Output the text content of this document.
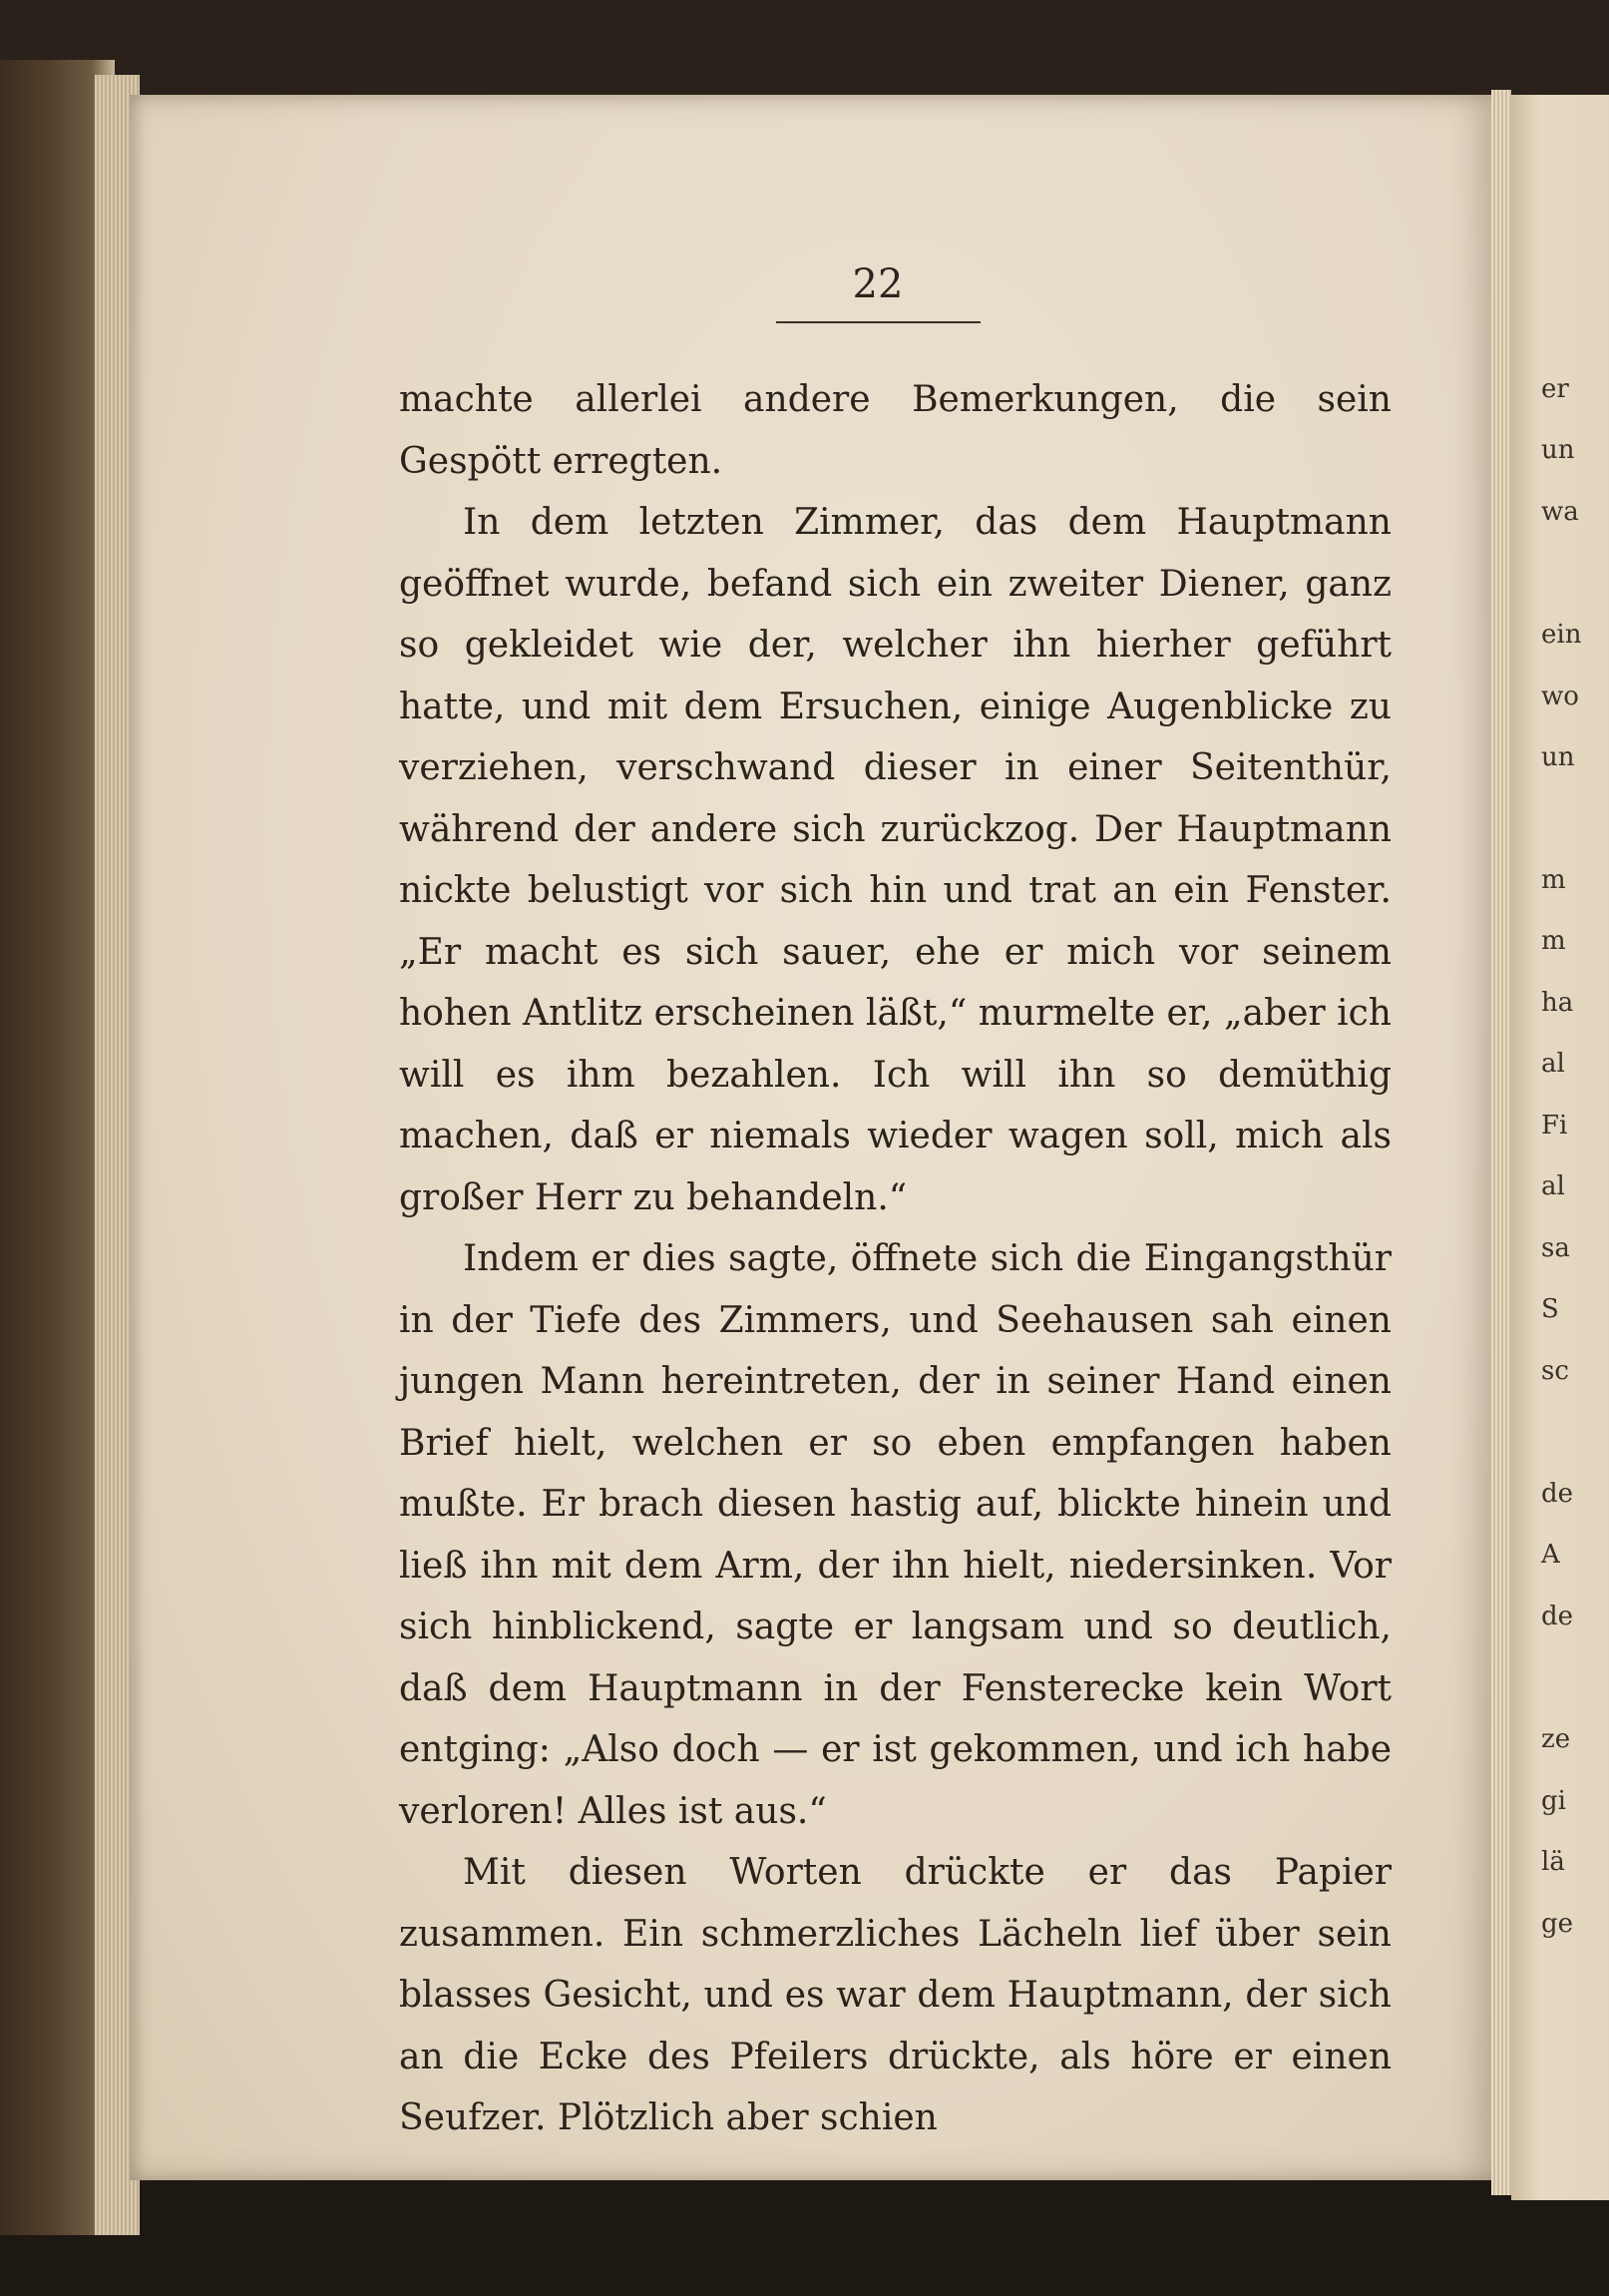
22

machte allerlei andere Bemerkungen, die sein Gespött erregten.

In dem letzten Zimmer, das dem Hauptmann geöffnet wurde, befand sich ein zweiter Diener, ganz so gekleidet wie der, welcher ihn hierher geführt hatte, und mit dem Ersuchen, einige Augenblicke zu verziehen, verschwand dieser in einer Seitenthür, während der andere sich zurückzog. Der Hauptmann nickte belustigt vor sich hin und trat an ein Fenster. „Er macht es sich sauer, ehe er mich vor seinem hohen Antlitz erscheinen läßt,“ murmelte er, „aber ich will es ihm bezahlen. Ich will ihn so demüthig machen, daß er niemals wieder wagen soll, mich als großer Herr zu behandeln.“

Indem er dies sagte, öffnete sich die Eingangsthür in der Tiefe des Zimmers, und Seehausen sah einen jungen Mann hereintreten, der in seiner Hand einen Brief hielt, welchen er so eben empfangen haben mußte. Er brach diesen hastig auf, blickte hinein und ließ ihn mit dem Arm, der ihn hielt, niedersinken. Vor sich hinblickend, sagte er langsam und so deutlich, daß dem Hauptmann in der Fensterecke kein Wort entging: „Also doch — er ist gekommen, und ich habe verloren! Alles ist aus.“

Mit diesen Worten drückte er das Papier zusammen. Ein schmerzliches Lächeln lief über sein blasses Gesicht, und es war dem Hauptmann, der sich an die Ecke des Pfeilers drückte, als höre er einen Seufzer. Plötzlich aber schien

er
un
wa
ein
wo
un
m
m
ha
al
Fi
al
sa
S
sc
de
A
de
ze
gi
lä
ge
